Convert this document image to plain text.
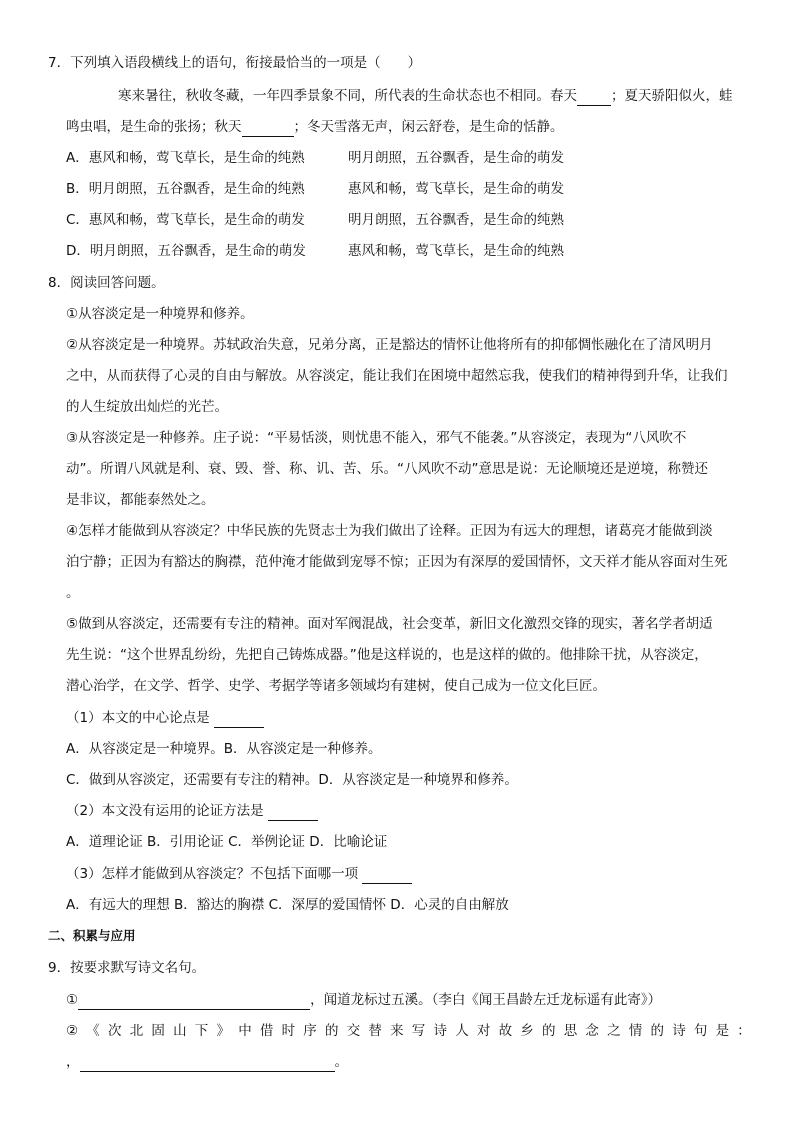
7．下列填入语段横线上的语句，衔接最恰当的一项是（　　）
寒来暑往，秋收冬藏，一年四季景象不同，所代表的生命状态也不相同。春天	；夏天骄阳似火，蛙
鸣虫唱，是生命的张扬；秋天	；冬天雪落无声，闲云舒卷，是生命的恬静。
A．惠风和畅，莺飞草长，是生命的纯熟	明月朗照，五谷飘香，是生命的萌发
B．明月朗照，五谷飘香，是生命的纯熟	惠风和畅，莺飞草长，是生命的萌发
C．惠风和畅，莺飞草长，是生命的萌发	明月朗照，五谷飘香，是生命的纯熟
D．明月朗照，五谷飘香，是生命的萌发	惠风和畅，莺飞草长，是生命的纯熟
8．阅读回答问题。
①从容淡定是一种境界和修养。
②从容淡定是一种境界。苏轼政治失意，兄弟分离，正是豁达的情怀让他将所有的抑郁惆怅融化在了清风明月
之中，从而获得了心灵的自由与解放。从容淡定，能让我们在困境中超然忘我，使我们的精神得到升华，让我们
的人生绽放出灿烂的光芒。
③从容淡定是一种修养。庄子说：“平易恬淡，则忧患不能入，邪气不能袭。”从容淡定，表现为“八风吹不
动”。所谓八风就是利、衰、毁、誉、称、讥、苦、乐。“八风吹不动”意思是说：无论顺境还是逆境，称赞还
是非议，都能泰然处之。
④怎样才能做到从容淡定？中华民族的先贤志士为我们做出了诠释。正因为有远大的理想，诸葛亮才能做到淡
泊宁静；正因为有豁达的胸襟，范仲淹才能做到宠辱不惊；正因为有深厚的爱国情怀，文天祥才能从容面对生死
。
⑤做到从容淡定，还需要有专注的精神。面对军阀混战，社会变革，新旧文化激烈交锋的现实，著名学者胡适
先生说：“这个世界乱纷纷，先把自己铸炼成器。”他是这样说的，也是这样的做的。他排除干扰，从容淡定，
潜心治学，在文学、哲学、史学、考据学等诸多领域均有建树，使自己成为一位文化巨匠。
（1）本文的中心论点是
A．从容淡定是一种境界。B．从容淡定是一种修养。
C．做到从容淡定，还需要有专注的精神。D．从容淡定是一种境界和修养。
（2）本文没有运用的论证方法是
A．道理论证 B．引用论证 C．举例论证 D．比喻论证
（3）怎样才能做到从容淡定？不包括下面哪一项
A．有远大的理想 B．豁达的胸襟 C．深厚的爱国情怀 D．心灵的自由解放
二、积累与应用
9．按要求默写诗文名句。
①	，闻道龙标过五溪。（李白《闻王昌龄左迁龙标遥有此寄》）
②《次北固山下》中借时序的交替来写诗人对故乡的思念之情的诗句是：
，	。
